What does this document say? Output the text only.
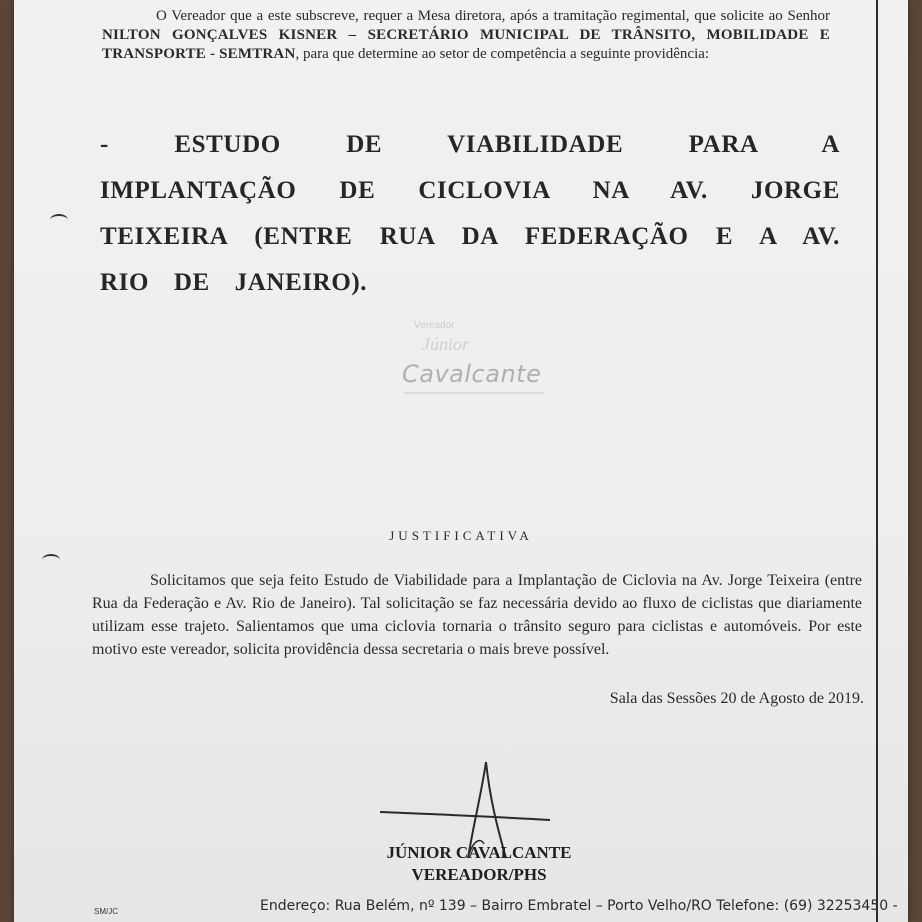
O Vereador que a este subscreve, requer a Mesa diretora, após a tramitação regimental, que solicite ao Senhor NILTON GONÇALVES KISNER – SECRETÁRIO MUNICIPAL DE TRÂNSITO, MOBILIDADE E TRANSPORTE - SEMTRAN, para que determine ao setor de competência a seguinte providência:
- ESTUDO DE VIABILIDADE PARA A IMPLANTAÇÃO DE CICLOVIA NA AV. JORGE TEIXEIRA (ENTRE RUA DA FEDERAÇÃO E A AV. RIO DE JANEIRO).
Vereador
Júnior
Cavalcante
JUSTIFICATIVA
Solicitamos que seja feito Estudo de Viabilidade para a Implantação de Ciclovia na Av. Jorge Teixeira (entre Rua da Federação e Av. Rio de Janeiro). Tal solicitação se faz necessária devido ao fluxo de ciclistas que diariamente utilizam esse trajeto. Salientamos que uma ciclovia tornaria o trânsito seguro para ciclistas e automóveis. Por este motivo este vereador, solicita providência dessa secretaria o mais breve possível.
Sala das Sessões 20 de Agosto de 2019.
JÚNIOR CAVALCANTE
VEREADOR/PHS
SM/JC	Endereço: Rua Belém, nº 139 – Bairro Embratel – Porto Velho/RO Telefone: (69) 32253450 -
